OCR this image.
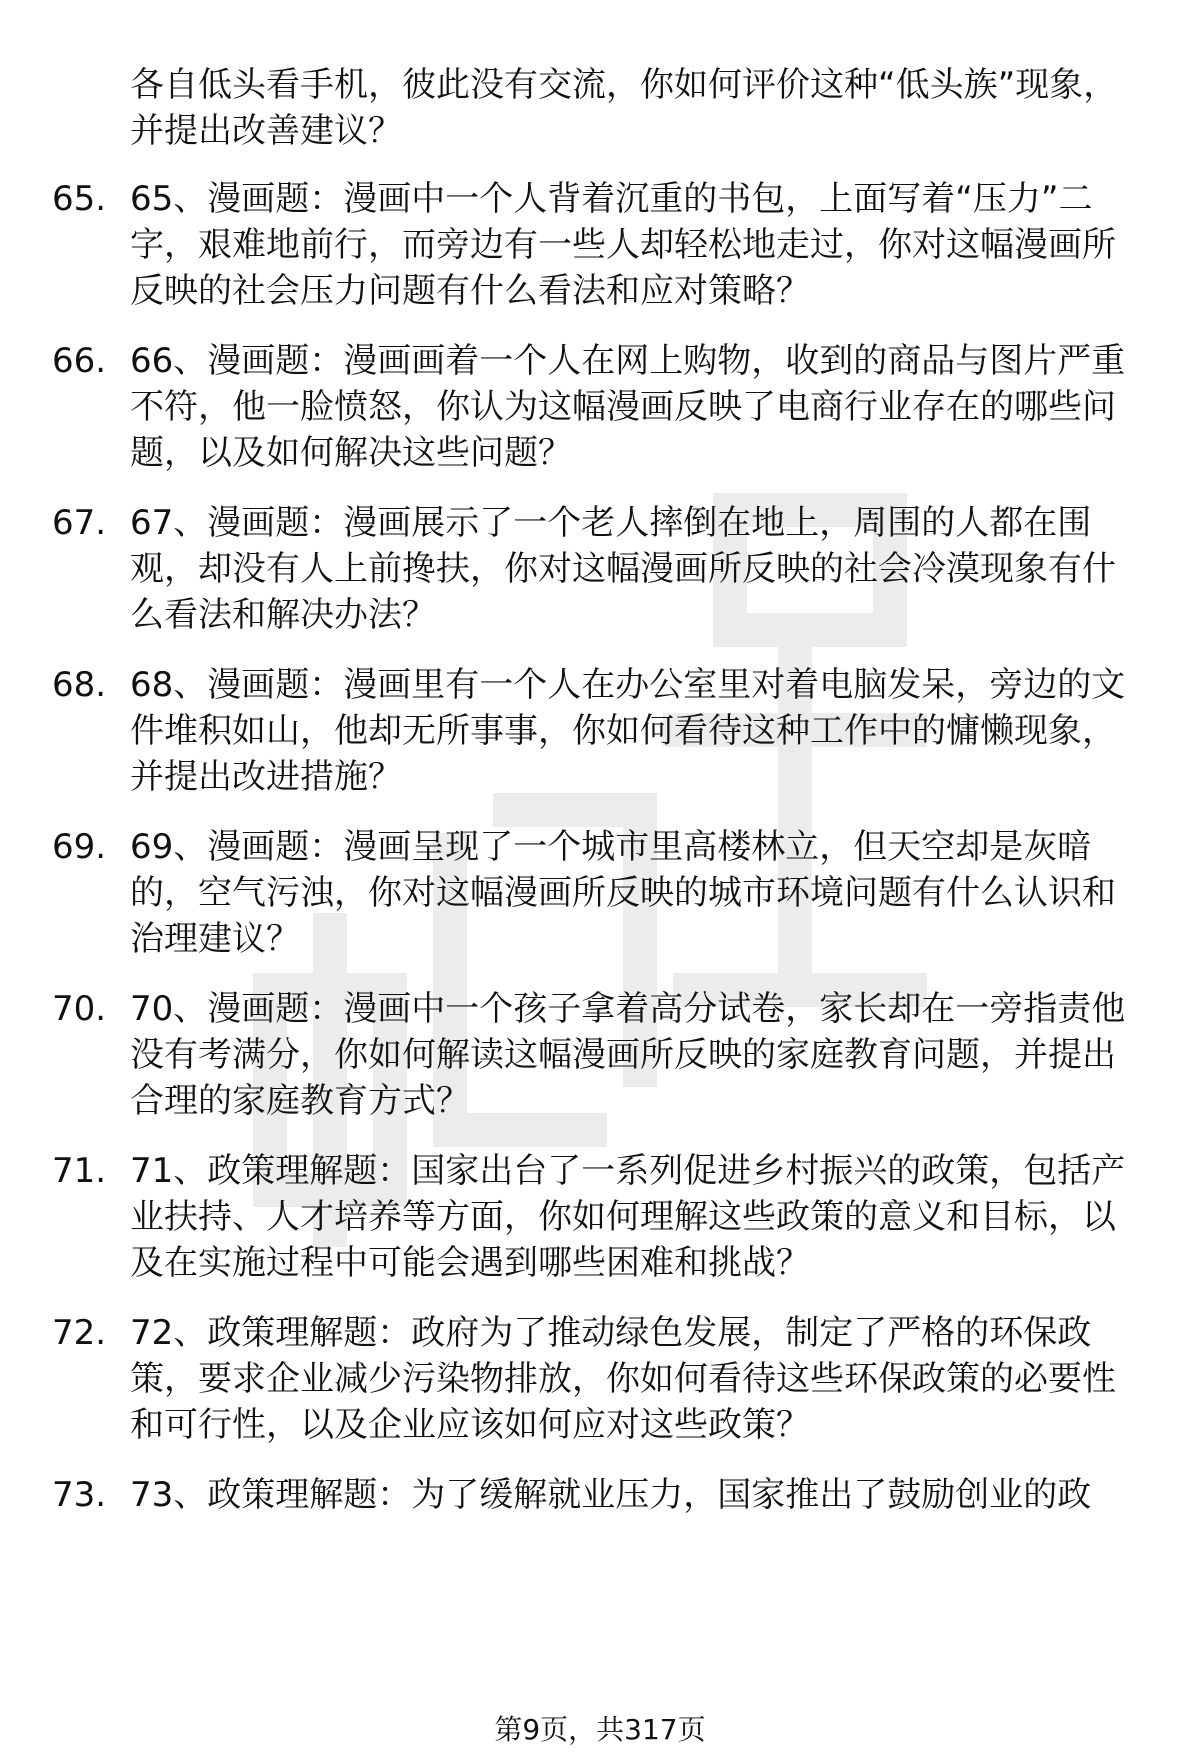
各自低头看手机，彼此没有交流，你如何评价这种“低头族”现象，并提出改善建议？

65. 65、漫画题：漫画中一个人背着沉重的书包，上面写着“压力”二字，艰难地前行，而旁边有一些人却轻松地走过，你对这幅漫画所反映的社会压力问题有什么看法和应对策略？

66. 66、漫画题：漫画画着一个人在网上购物，收到的商品与图片严重不符，他一脸愤怒，你认为这幅漫画反映了电商行业存在的哪些问题，以及如何解决这些问题？

67. 67、漫画题：漫画展示了一个老人摔倒在地上，周围的人都在围观，却没有人上前搀扶，你对这幅漫画所反映的社会冷漠现象有什么看法和解决办法？

68. 68、漫画题：漫画里有一个人在办公室里对着电脑发呆，旁边的文件堆积如山，他却无所事事，你如何看待这种工作中的慵懒现象，并提出改进措施？

69. 69、漫画题：漫画呈现了一个城市里高楼林立，但天空却是灰暗的，空气污浊，你对这幅漫画所反映的城市环境问题有什么认识和治理建议？

70. 70、漫画题：漫画中一个孩子拿着高分试卷，家长却在一旁指责他没有考满分，你如何解读这幅漫画所反映的家庭教育问题，并提出合理的家庭教育方式？

71. 71、政策理解题：国家出台了一系列促进乡村振兴的政策，包括产业扶持、人才培养等方面，你如何理解这些政策的意义和目标，以及在实施过程中可能会遇到哪些困难和挑战？

72. 72、政策理解题：政府为了推动绿色发展，制定了严格的环保政策，要求企业减少污染物排放，你如何看待这些环保政策的必要性和可行性，以及企业应该如何应对这些政策？

73. 73、政策理解题：为了缓解就业压力，国家推出了鼓励创业的政

第9页，共317页
